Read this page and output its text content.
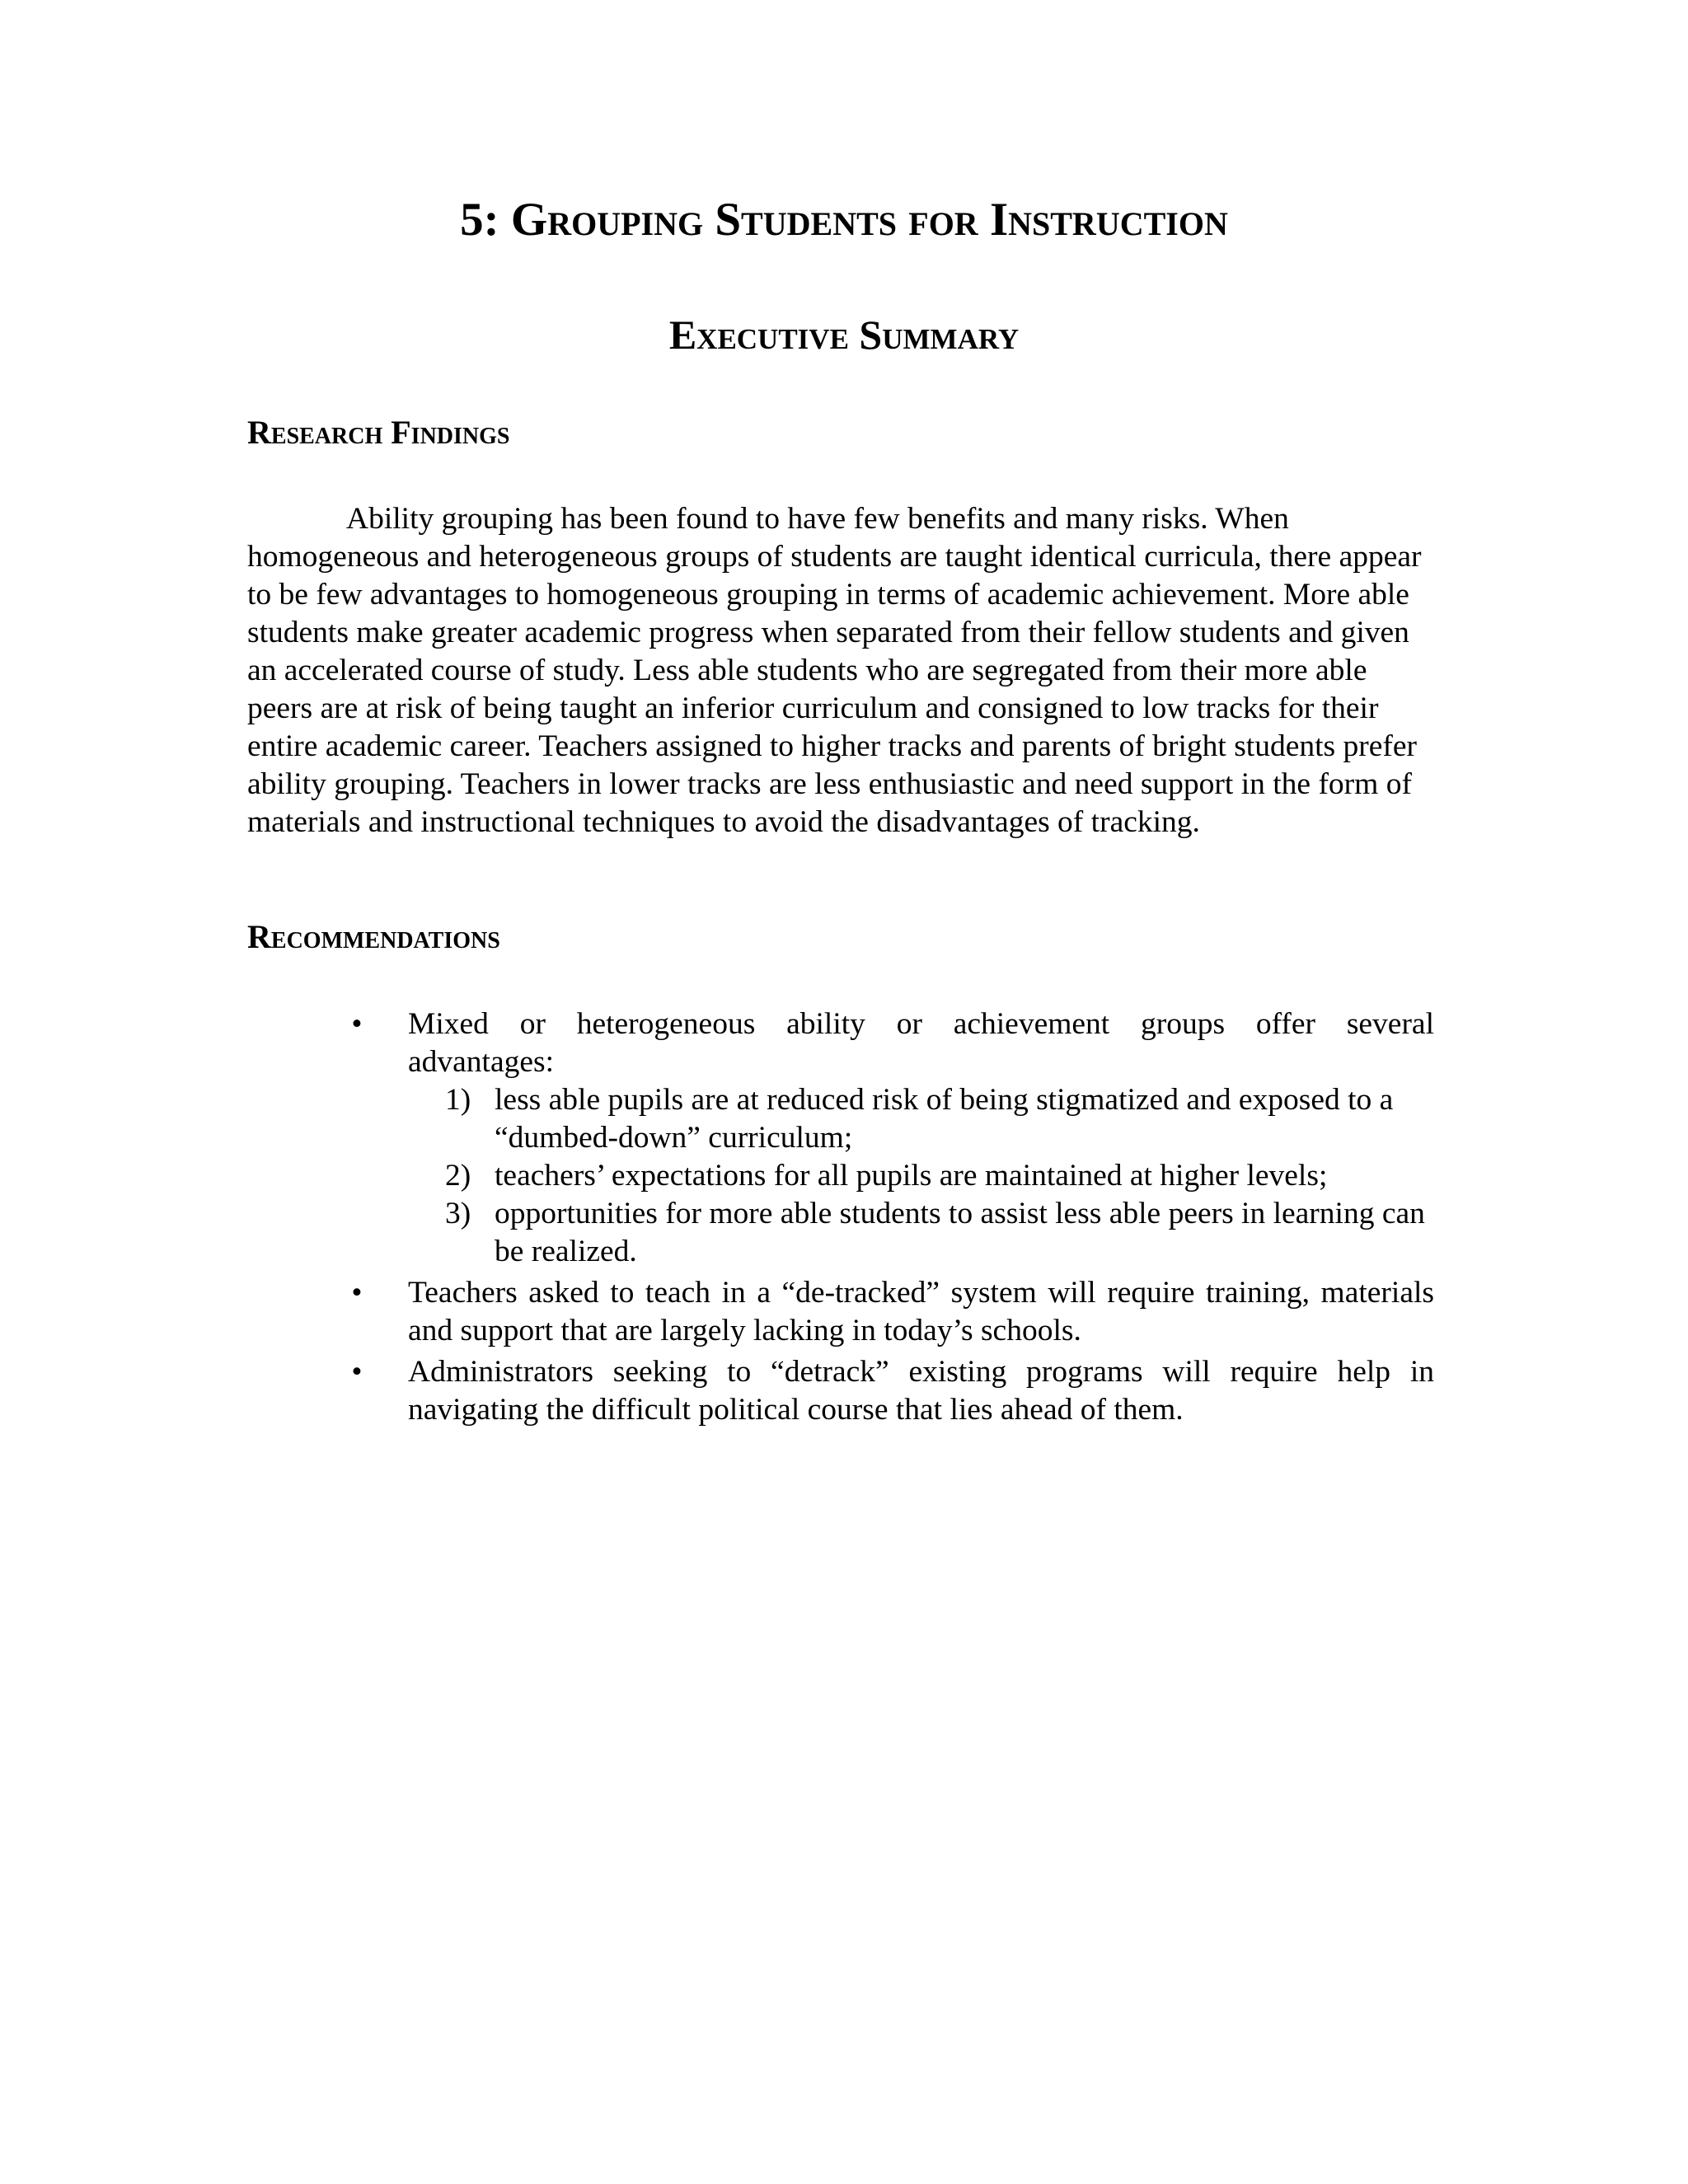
5: Grouping Students for Instruction
Executive Summary
Research Findings

Ability grouping has been found to have few benefits and many risks. When homogeneous and heterogeneous groups of students are taught identical curricula, there appear to be few advantages to homogeneous grouping in terms of academic achievement. More able students make greater academic progress when separated from their fellow students and given an accelerated course of study. Less able students who are segregated from their more able peers are at risk of being taught an inferior curriculum and consigned to low tracks for their entire academic career. Teachers assigned to higher tracks and parents of bright students prefer ability grouping. Teachers in lower tracks are less enthusiastic and need support in the form of materials and instructional techniques to avoid the disadvantages of tracking.

Recommendations
• Mixed or heterogeneous ability or achievement groups offer several
advantages:
1) less able pupils are at reduced risk of being stigmatized and exposed to a “dumbed-down” curriculum;
2) teachers’ expectations for all pupils are maintained at higher levels;
3) opportunities for more able students to assist less able peers in learning can be realized.
• Teachers asked to teach in a “de-tracked” system will require training, materials and support that are largely lacking in today’s schools.
• Administrators seeking to “detrack” existing programs will require help in navigating the difficult political course that lies ahead of them.
